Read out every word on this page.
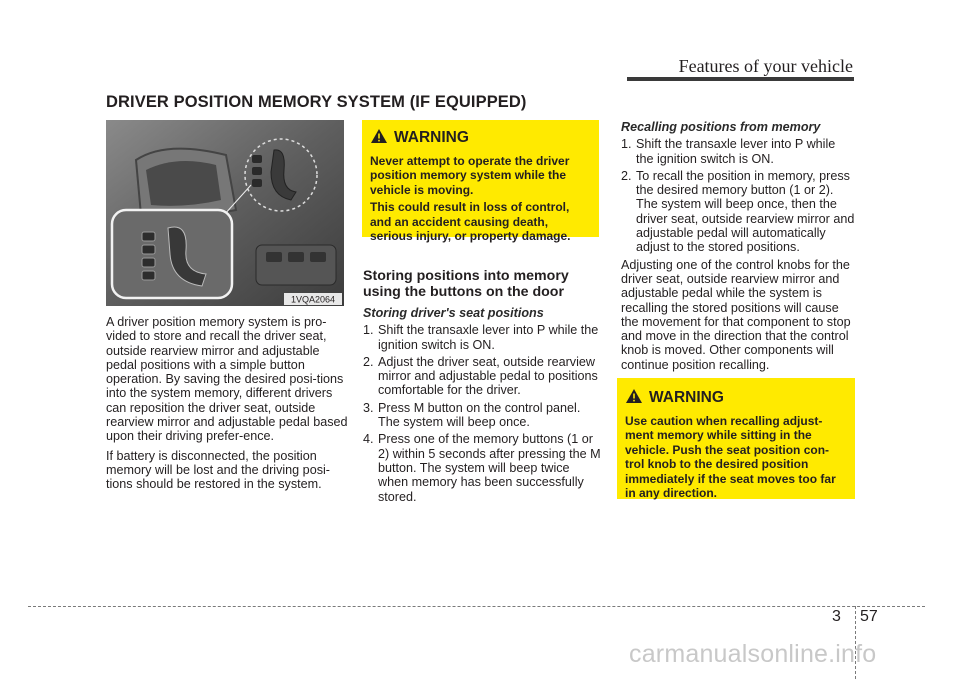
Features of your vehicle
DRIVER POSITION MEMORY SYSTEM (IF EQUIPPED)
1VQA2064

A driver position memory system is pro-vided to store and recall the driver seat, outside rearview mirror and adjustable pedal positions with a simple button operation. By saving the desired posi-tions into the system memory, different drivers can reposition the driver seat, outside rearview mirror and adjustable pedal based upon their driving prefer-ence.

If battery is disconnected, the position memory will be lost and the driving posi-tions should be restored in the system.

WARNING

Never attempt to operate the driver position memory system while the vehicle is moving.

This could result in loss of control, and an accident causing death, serious injury, or property damage.

Storing positions into memory using the buttons on the door
Storing driver's seat positions
1. Shift the transaxle lever into P while the ignition switch is ON.
2. Adjust the driver seat, outside rearview mirror and adjustable pedal to positions comfortable for the driver.
3. Press M button on the control panel. The system will beep once.
4. Press one of the memory buttons (1 or 2) within 5 seconds after pressing the M button. The system will beep twice when memory has been successfully stored.
Recalling positions from memory
1. Shift the transaxle lever into P while the ignition switch is ON.
2. To recall the position in memory, press the desired memory button (1 or 2). The system will beep once, then the driver seat, outside rearview mirror and adjustable pedal will automatically adjust to the stored positions.

Adjusting one of the control knobs for the driver seat, outside rearview mirror and adjustable pedal while the system is recalling the stored positions will cause the movement for that component to stop and move in the direction that the control knob is moved. Other components will continue position recalling.

WARNING

Use caution when recalling adjust-ment memory while sitting in the vehicle. Push the seat position con-trol knob to the desired position immediately if the seat moves too far in any direction.

3 57
carmanualsonline.info
